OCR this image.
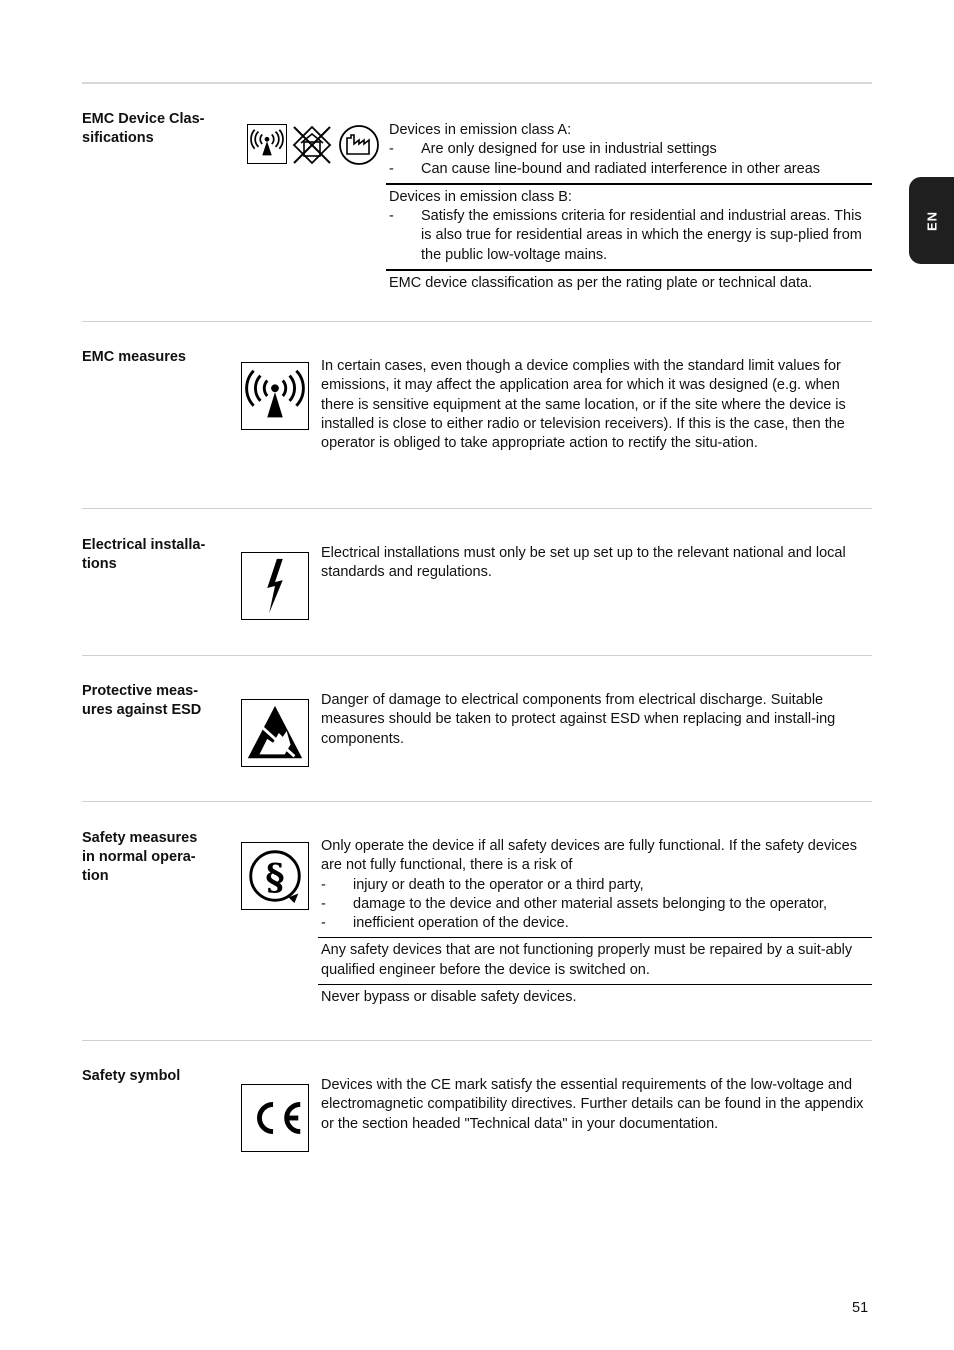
EN
EMC Device Clas-
sifications	Devices in emission class A:

- Are only designed for use in industrial settings
- Can cause line-bound and radiated interference in other areas

Devices in emission class B:

- Satisfy the emissions criteria for residential and industrial areas. This is also true for residential areas in which the energy is sup-plied from the public low-voltage mains.

EMC device classification as per the rating plate or technical data.

EMC measures

In certain cases, even though a device complies with the standard limit values for emissions, it may affect the application area for which it was designed (e.g. when there is sensitive equipment at the same location, or if the site where the device is installed is close to either radio or television receivers). If this is the case, then the operator is obliged to take appropriate action to rectify the situ-ation.

Electrical installa-
tions

Electrical installations must only be set up set up to the relevant national and local standards and regulations.

Protective meas-
ures against ESD

Danger of damage to electrical components from electrical discharge. Suitable measures should be taken to protect against ESD when replacing and install-ing components.

Safety measures
in normal opera-
tion	§

Only operate the device if all safety devices are fully functional. If the safety devices are not fully functional, there is a risk of

- injury or death to the operator or a third party,
- damage to the device and other material assets belonging to the operator,
- inefficient operation of the device.

Any safety devices that are not functioning properly must be repaired by a suit-ably qualified engineer before the device is switched on.

Never bypass or disable safety devices.

Safety symbol

Devices with the CE mark satisfy the essential requirements of the low-voltage and electromagnetic compatibility directives. Further details can be found in the appendix or the section headed "Technical data" in your documentation.

51
